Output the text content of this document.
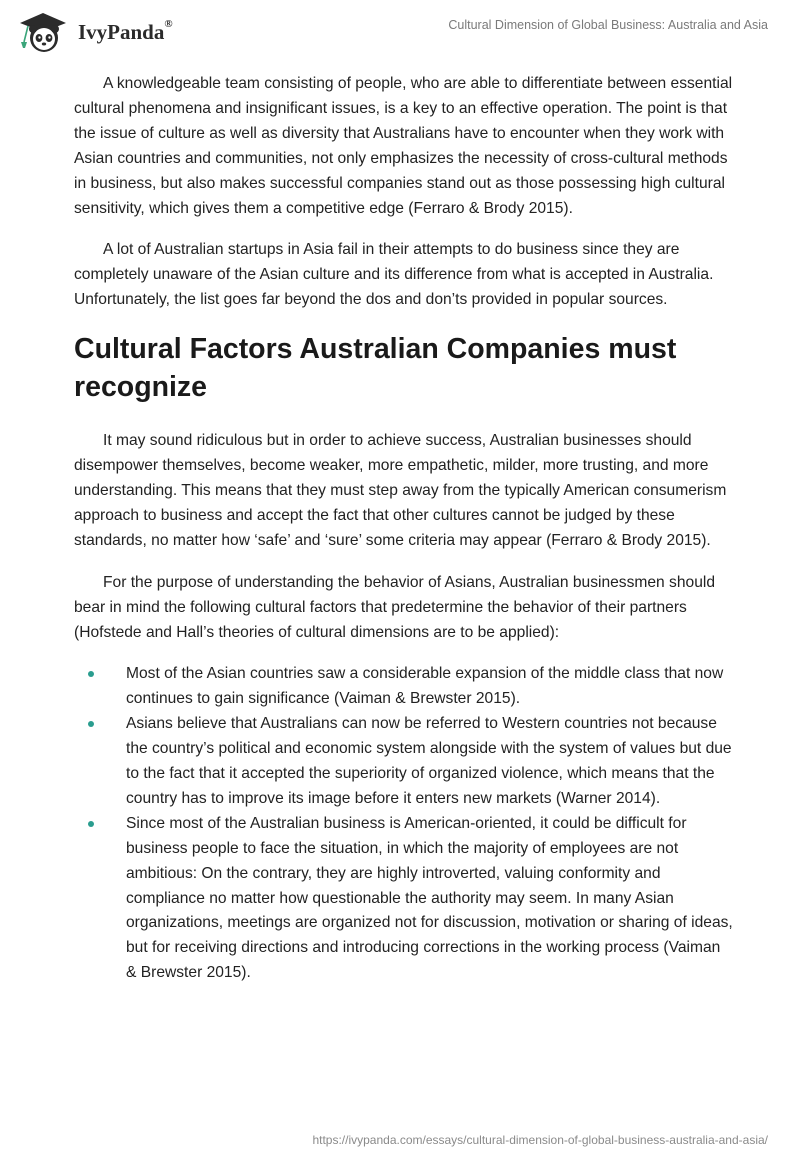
IvyPanda®	Cultural Dimension of Global Business: Australia and Asia

A knowledgeable team consisting of people, who are able to differentiate between essential cultural phenomena and insignificant issues, is a key to an effective operation. The point is that the issue of culture as well as diversity that Australians have to encounter when they work with Asian countries and communities, not only emphasizes the necessity of cross-cultural methods in business, but also makes successful companies stand out as those possessing high cultural sensitivity, which gives them a competitive edge (Ferraro & Brody 2015).

A lot of Australian startups in Asia fail in their attempts to do business since they are completely unaware of the Asian culture and its difference from what is accepted in Australia. Unfortunately, the list goes far beyond the dos and don’ts provided in popular sources.

Cultural Factors Australian Companies must recognize

It may sound ridiculous but in order to achieve success, Australian businesses should disempower themselves, become weaker, more empathetic, milder, more trusting, and more understanding. This means that they must step away from the typically American consumerism approach to business and accept the fact that other cultures cannot be judged by these standards, no matter how ‘safe’ and ‘sure’ some criteria may appear (Ferraro & Brody 2015).

For the purpose of understanding the behavior of Asians, Australian businessmen should bear in mind the following cultural factors that predetermine the behavior of their partners (Hofstede and Hall’s theories of cultural dimensions are to be applied):

Most of the Asian countries saw a considerable expansion of the middle class that now continues to gain significance (Vaiman & Brewster 2015).
Asians believe that Australians can now be referred to Western countries not because the country’s political and economic system alongside with the system of values but due to the fact that it accepted the superiority of organized violence, which means that the country has to improve its image before it enters new markets (Warner 2014).
Since most of the Australian business is American-oriented, it could be difficult for business people to face the situation, in which the majority of employees are not ambitious: On the contrary, they are highly introverted, valuing conformity and compliance no matter how questionable the authority may seem. In many Asian organizations, meetings are organized not for discussion, motivation or sharing of ideas, but for receiving directions and introducing corrections in the working process (Vaiman & Brewster 2015).
https://ivypanda.com/essays/cultural-dimension-of-global-business-australia-and-asia/
